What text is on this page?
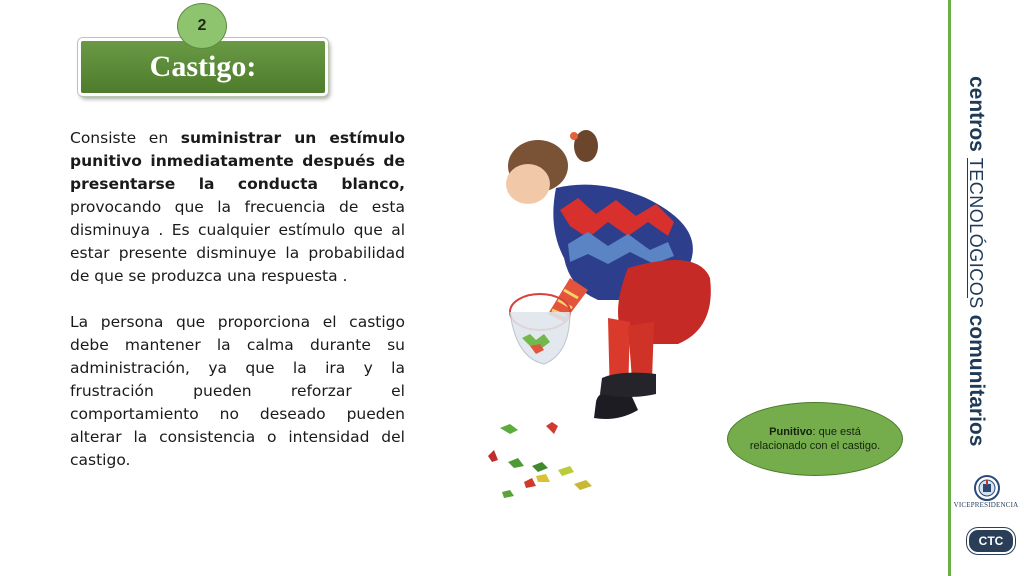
2
Castigo:

Consiste en suministrar un estímulo punitivo inmediatamente después de presentarse la conducta blanco, provocando que la frecuencia de esta disminuya . Es cualquier estímulo que al estar presente disminuye la probabilidad de que se produzca una respuesta .

La persona que proporciona el castigo debe mantener la calma durante su administración, ya que la ira y la frustración pueden reforzar el comportamiento no deseado pueden alterar la consistencia o intensidad del castigo.

Punitivo: que está relacionado con el castigo.
centros TECNOLÓGICOS comunitarios
VICEPRESIDENCIA
CTC
